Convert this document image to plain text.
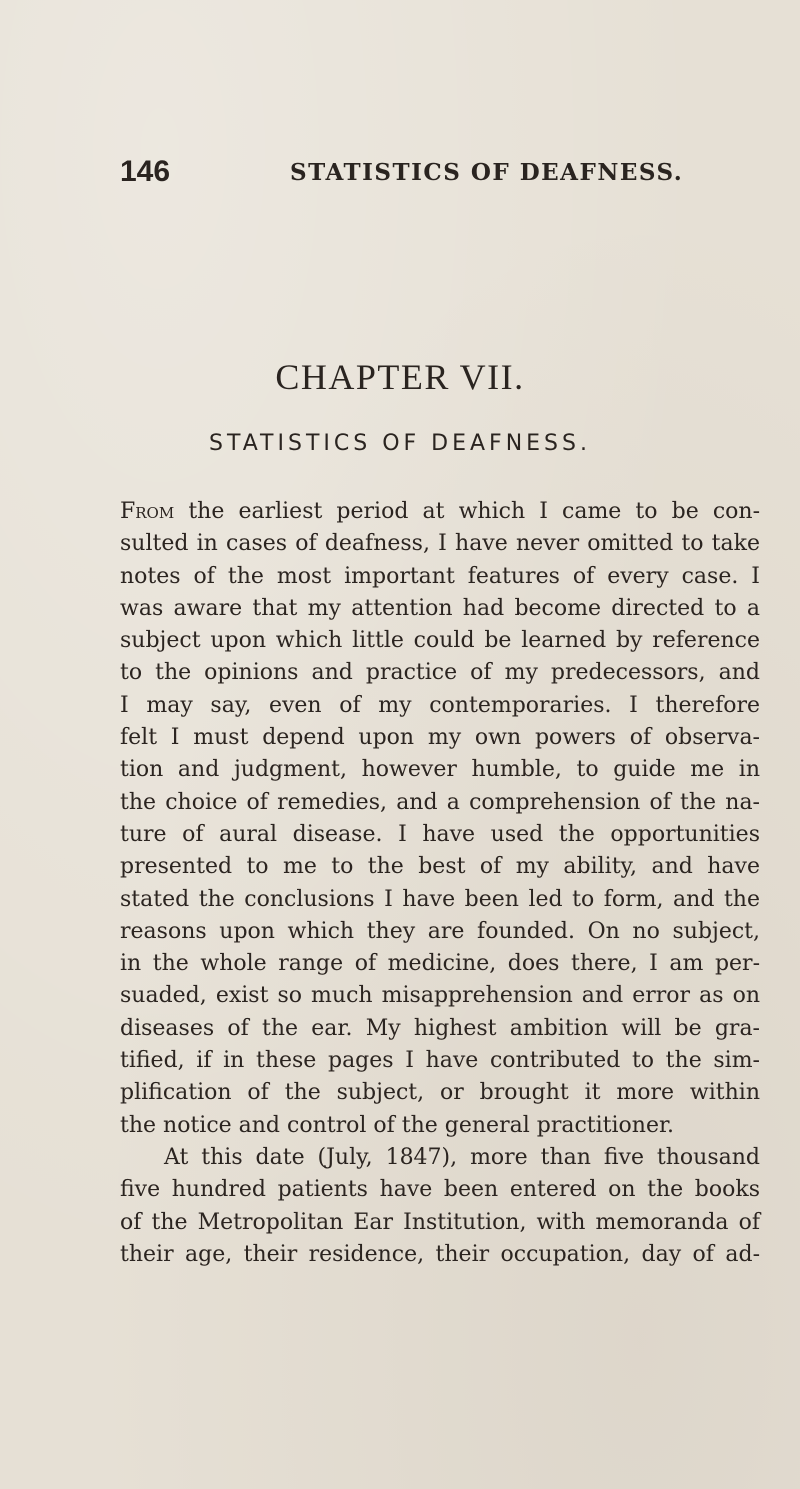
146	STATISTICS OF DEAFNESS.
CHAPTER VII.
STATISTICS OF DEAFNESS.
From the earliest period at which I came to be con-
sulted in cases of deafness, I have never omitted to take
notes of the most important features of every case. I
was aware that my attention had become directed to a
subject upon which little could be learned by reference
to the opinions and practice of my predecessors, and
I may say, even of my contemporaries. I therefore
felt I must depend upon my own powers of observa-
tion and judgment, however humble, to guide me in
the choice of remedies, and a comprehension of the na-
ture of aural disease. I have used the opportunities
presented to me to the best of my ability, and have
stated the conclusions I have been led to form, and the
reasons upon which they are founded. On no subject,
in the whole range of medicine, does there, I am per-
suaded, exist so much misapprehension and error as on
diseases of the ear. My highest ambition will be gra-
tified, if in these pages I have contributed to the sim-
plification of the subject, or brought it more within
the notice and control of the general practitioner.
At this date (July, 1847), more than five thousand
five hundred patients have been entered on the books
of the Metropolitan Ear Institution, with memoranda of
their age, their residence, their occupation, day of ad-
